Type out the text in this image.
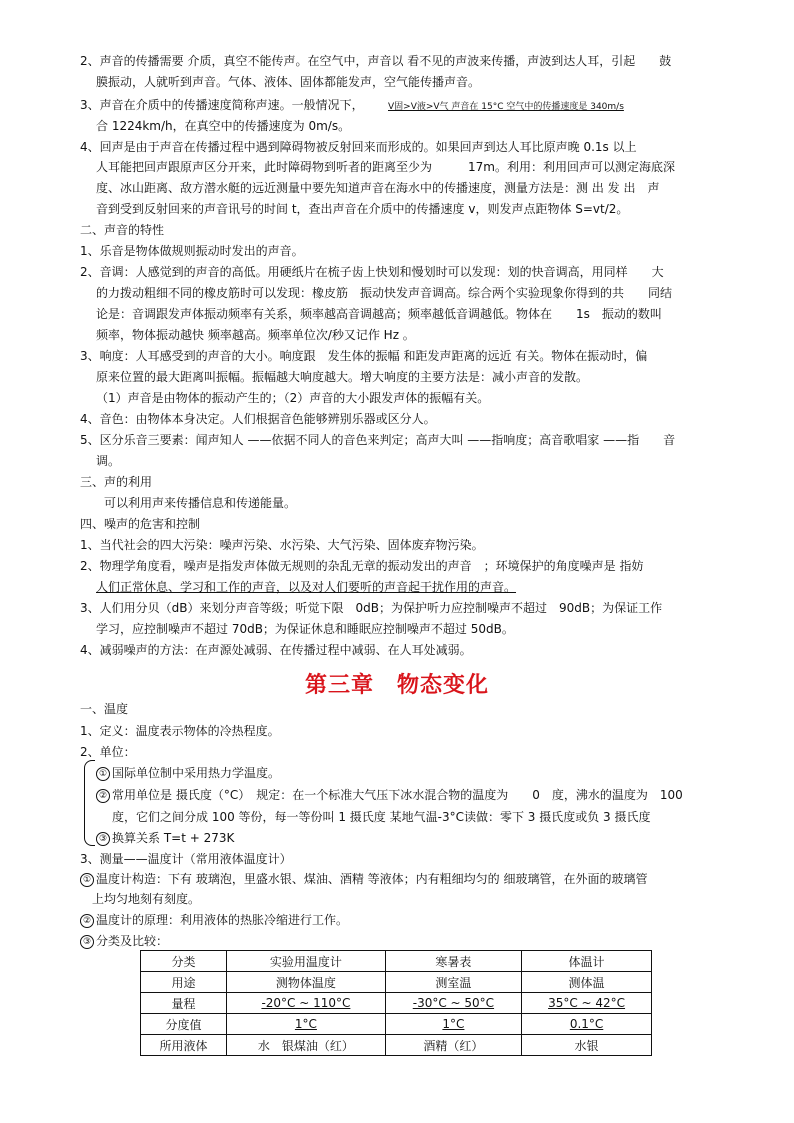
2、声音的传播需要 介质，真空不能传声。在空气中，声音以 看不见的声波来传播，声波到达人耳，引起　　鼓
膜振动，人就听到声音。气体、液体、固体都能发声，空气能传播声音。
3、声音在介质中的传播速度简称声速。一般情况下，	V固>V液>V气 声音在 15°C 空气中的传播速度是 340m/s
合 1224km/h，在真空中的传播速度为 0m/s。
4、回声是由于声音在传播过程中遇到障碍物被反射回来而形成的。如果回声到达人耳比原声晚 0.1s 以上
人耳能把回声跟原声区分开来，此时障碍物到听者的距离至少为　　　17m。利用：利用回声可以测定海底深
度、冰山距离、敌方潜水艇的远近测量中要先知道声音在海水中的传播速度，测量方法是：测 出 发 出　声
音到受到反射回来的声音讯号的时间 t，查出声音在介质中的传播速度 v，则发声点距物体 S=vt/2。
二、声音的特性
1、乐音是物体做规则振动时发出的声音。
2、音调：人感觉到的声音的高低。用硬纸片在梳子齿上快划和慢划时可以发现：划的快音调高，用同样　　大
的力拨动粗细不同的橡皮筋时可以发现：橡皮筋　振动快发声音调高。综合两个实验现象你得到的共　　同结
论是：音调跟发声体振动频率有关系，频率越高音调越高；频率越低音调越低。物体在　　1s　振动的数叫
频率，物体振动越快 频率越高。频率单位次/秒又记作 Hz 。
3、响度：人耳感受到的声音的大小。响度跟　发生体的振幅 和距发声距离的远近 有关。物体在振动时，偏
原来位置的最大距离叫振幅。振幅越大响度越大。增大响度的主要方法是：减小声音的发散。
（1）声音是由物体的振动产生的；（2）声音的大小跟发声体的振幅有关。
4、音色：由物体本身决定。人们根据音色能够辨别乐器或区分人。
5、区分乐音三要素：闻声知人 ——依据不同人的音色来判定；高声大叫 ——指响度；高音歌唱家 ——指　　音
调。
三、声的利用
可以利用声来传播信息和传递能量。
四、噪声的危害和控制
1、当代社会的四大污染：噪声污染、水污染、大气污染、固体废弃物污染。
2、物理学角度看，噪声是指发声体做无规则的杂乱无章的振动发出的声音　；环境保护的角度噪声是 指妨
人们正常休息、学习和工作的声音，以及对人们要听的声音起干扰作用的声音。
3、人们用分贝（dB）来划分声音等级；听觉下限　0dB；为保护听力应控制噪声不超过　90dB；为保证工作
学习，应控制噪声不超过 70dB；为保证休息和睡眠应控制噪声不超过 50dB。
4、减弱噪声的方法：在声源处减弱、在传播过程中减弱、在人耳处减弱。
第三章　物态变化
一、温度
1、定义：温度表示物体的冷热程度。
2、单位：
① 国际单位制中采用热力学温度。
② 常用单位是 摄氏度（°C）　规定：在一个标准大气压下冰水混合物的温度为　　0　度，沸水的温度为　100
度，它们之间分成 100 等份，每一等份叫 1 摄氏度 某地气温-3°C读做：零下 3 摄氏度或负 3 摄氏度
③ 换算关系 T=t + 273K
3、测量——温度计（常用液体温度计）
① 温度计构造：下有 玻璃泡，里盛水银、煤油、酒精 等液体；内有粗细均匀的 细玻璃管，在外面的玻璃管
上均匀地刻有刻度。
② 温度计的原理：利用液体的热胀冷缩进行工作。
③ 分类及比较：
分类	实验用温度计	寒暑表	体温计
用途	测物体温度	测室温	测体温
量程	-20°C ~ 110°C	-30°C ~ 50°C	35°C ~ 42°C
分度值	1°C	1°C	0.1°C
所用液体	水　银煤油（红）	酒精（红）	水银
